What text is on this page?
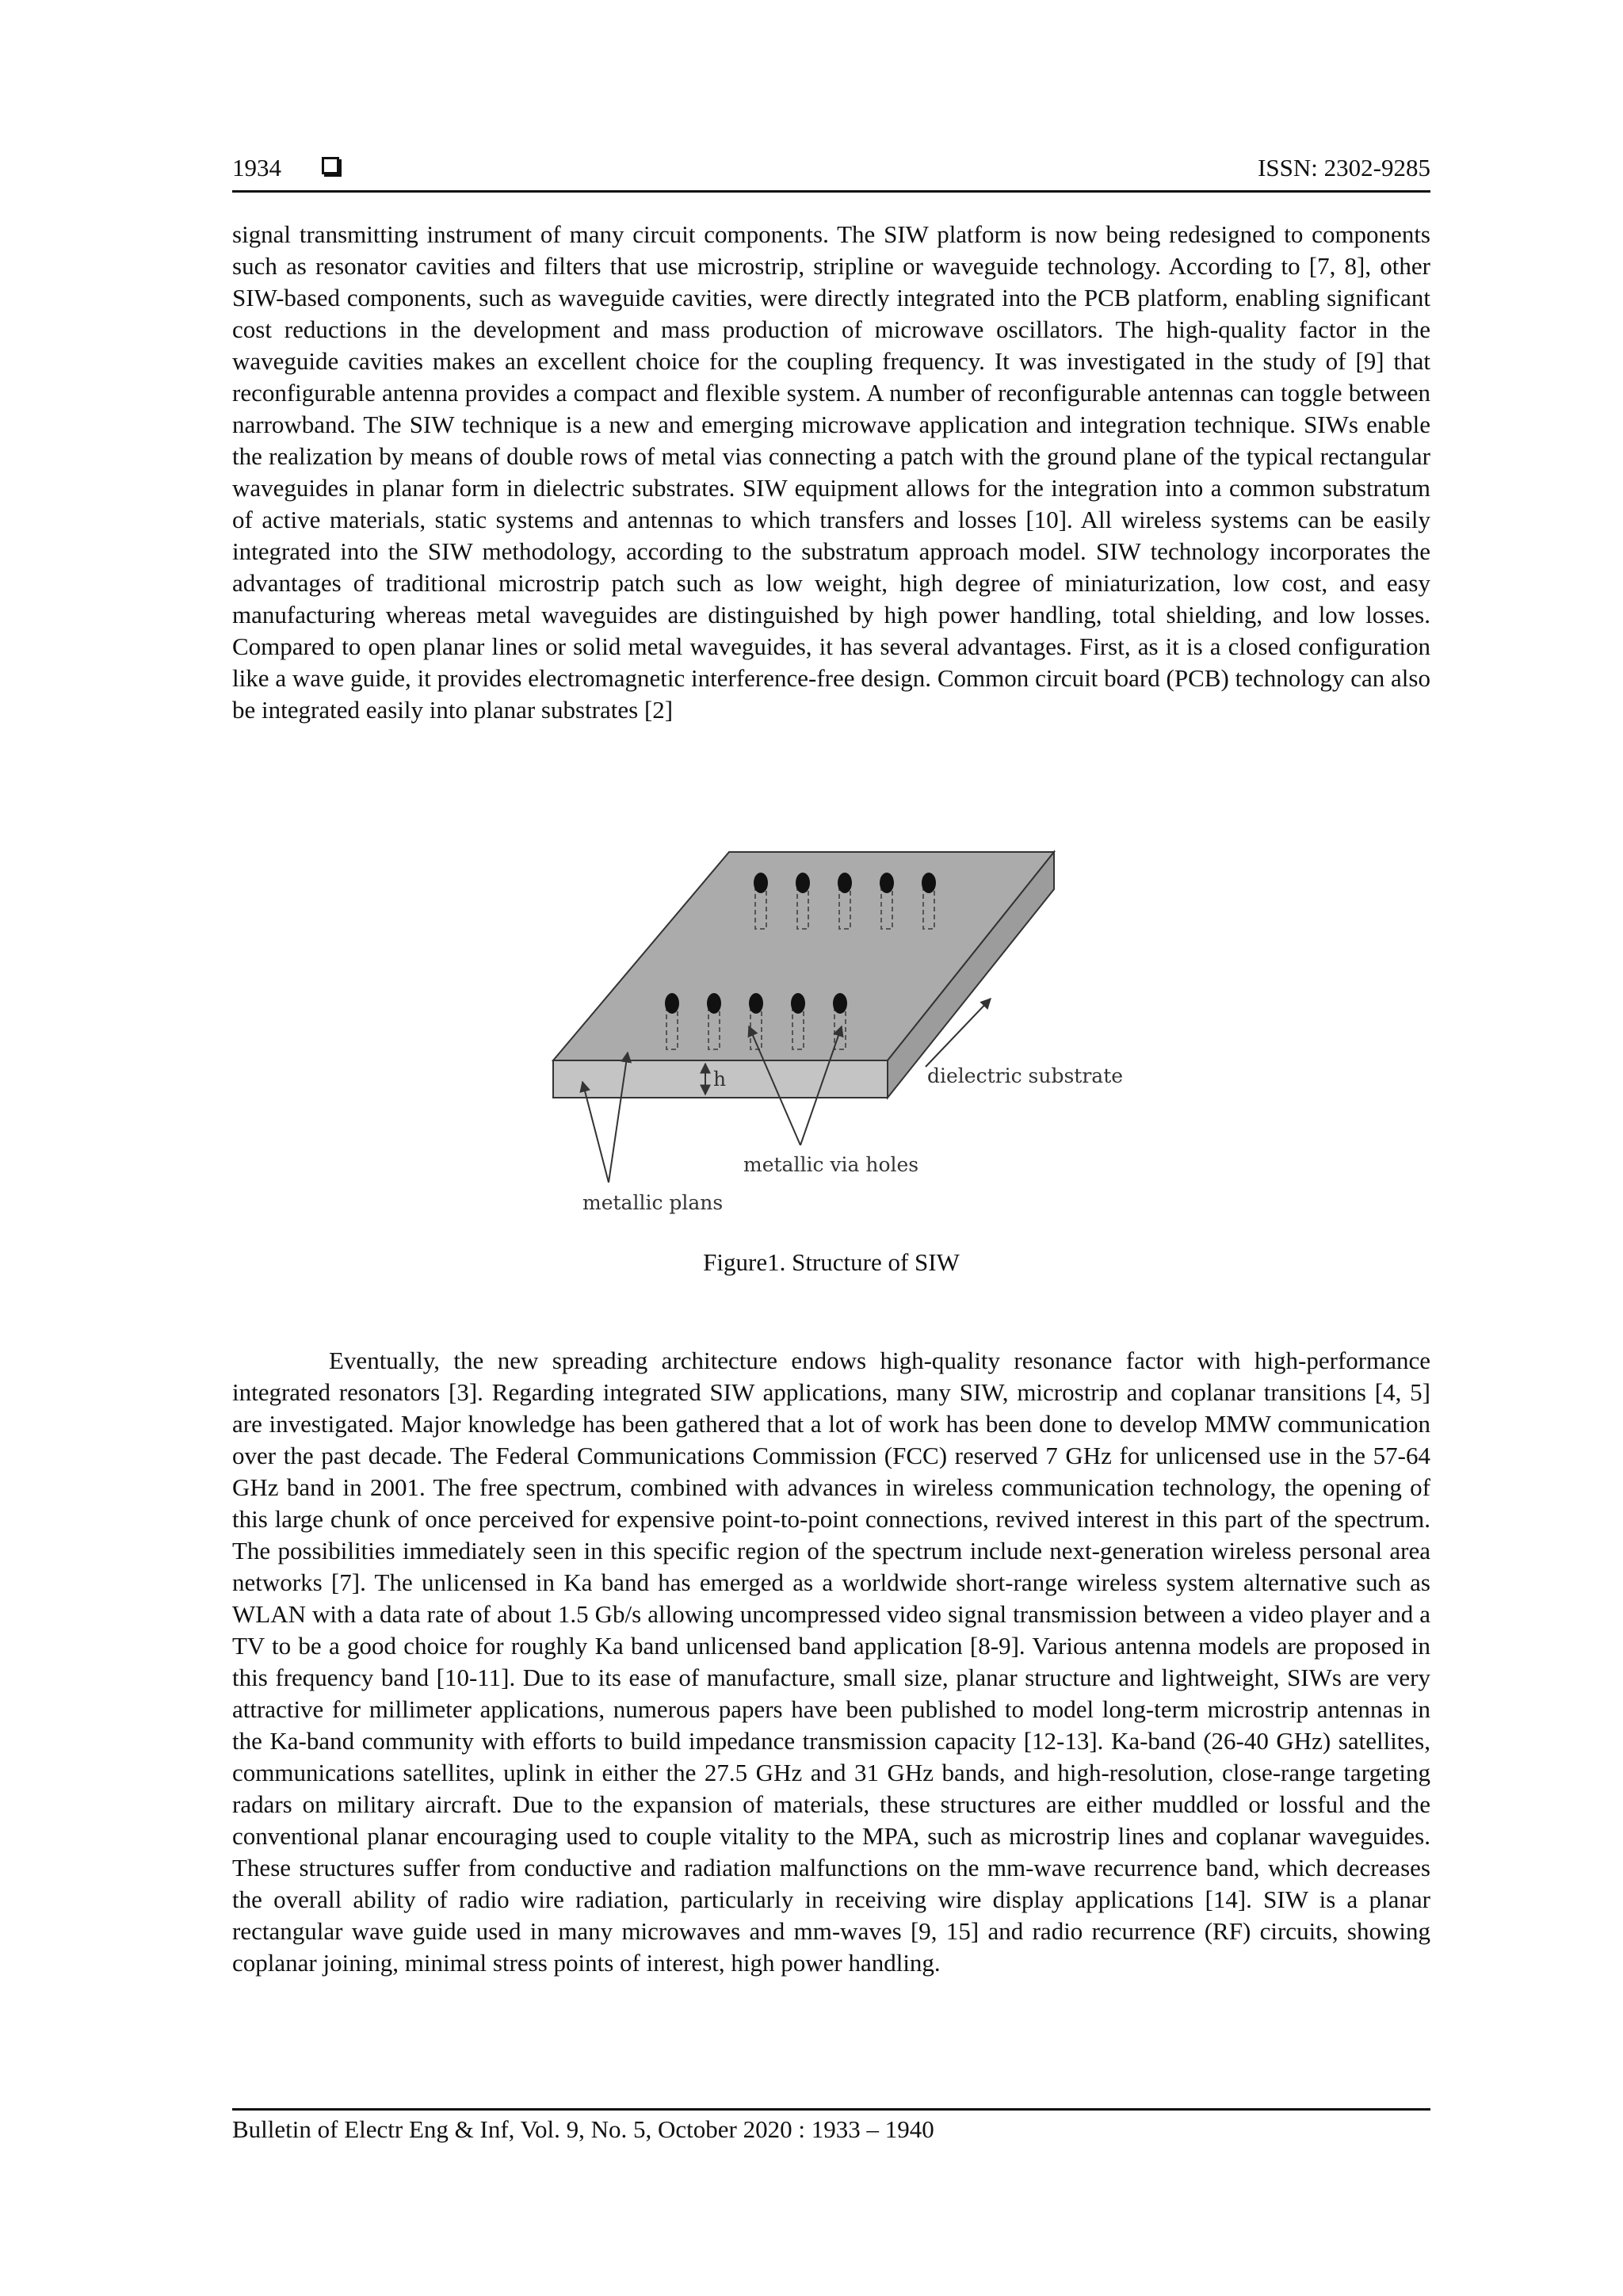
1934	ISSN: 2302-9285

signal transmitting instrument of many circuit components. The SIW platform is now being redesigned to components such as resonator cavities and filters that use microstrip, stripline or waveguide technology. According to [7, 8], other SIW-based components, such as waveguide cavities, were directly integrated into the PCB platform, enabling significant cost reductions in the development and mass production of microwave oscillators. The high-quality factor in the waveguide cavities makes an excellent choice for the coupling frequency. It was investigated in the study of [9] that reconfigurable antenna provides a compact and flexible system. A number of reconfigurable antennas can toggle between narrowband. The SIW technique is a new and emerging microwave application and integration technique. SIWs enable the realization by means of double rows of metal vias connecting a patch with the ground plane of the typical rectangular waveguides in planar form in dielectric substrates. SIW equipment allows for the integration into a common substratum of active materials, static systems and antennas to which transfers and losses [10]. All wireless systems can be easily integrated into the SIW methodology, according to the substratum approach model. SIW technology incorporates the advantages of traditional microstrip patch such as low weight, high degree of miniaturization, low cost, and easy manufacturing whereas metal waveguides are distinguished by high power handling, total shielding, and low losses. Compared to open planar lines or solid metal waveguides, it has several advantages. First, as it is a closed configuration like a wave guide, it provides electromagnetic interference-free design. Common circuit board (PCB) technology can also be integrated easily into planar substrates [2]

h	dielectric substrate
metallic via holes
metallic plans
Figure1. Structure of SIW

Eventually, the new spreading architecture endows high-quality resonance factor with high-performance integrated resonators [3]. Regarding integrated SIW applications, many SIW, microstrip and coplanar transitions [4, 5] are investigated. Major knowledge has been gathered that a lot of work has been done to develop MMW communication over the past decade. The Federal Communications Commission (FCC) reserved 7 GHz for unlicensed use in the 57-64 GHz band in 2001. The free spectrum, combined with advances in wireless communication technology, the opening of this large chunk of once perceived for expensive point-to-point connections, revived interest in this part of the spectrum. The possibilities immediately seen in this specific region of the spectrum include next-generation wireless personal area networks [7]. The unlicensed in Ka band has emerged as a worldwide short-range wireless system alternative such as WLAN with a data rate of about 1.5 Gb/s allowing uncompressed video signal transmission between a video player and a TV to be a good choice for roughly Ka band unlicensed band application [8-9]. Various antenna models are proposed in this frequency band [10-11]. Due to its ease of manufacture, small size, planar structure and lightweight, SIWs are very attractive for millimeter applications, numerous papers have been published to model long-term microstrip antennas in the Ka-band community with efforts to build impedance transmission capacity [12-13]. Ka-band (26-40 GHz) satellites, communications satellites, uplink in either the 27.5 GHz and 31 GHz bands, and high-resolution, close-range targeting radars on military aircraft. Due to the expansion of materials, these structures are either muddled or lossful and the conventional planar encouraging used to couple vitality to the MPA, such as microstrip lines and coplanar waveguides. These structures suffer from conductive and radiation malfunctions on the mm-wave recurrence band, which decreases the overall ability of radio wire radiation, particularly in receiving wire display applications [14]. SIW is a planar rectangular wave guide used in many microwaves and mm-waves [9, 15] and radio recurrence (RF) circuits, showing coplanar joining, minimal stress points of interest, high power handling.

Bulletin of Electr Eng & Inf, Vol. 9, No. 5, October 2020 : 1933 – 1940
